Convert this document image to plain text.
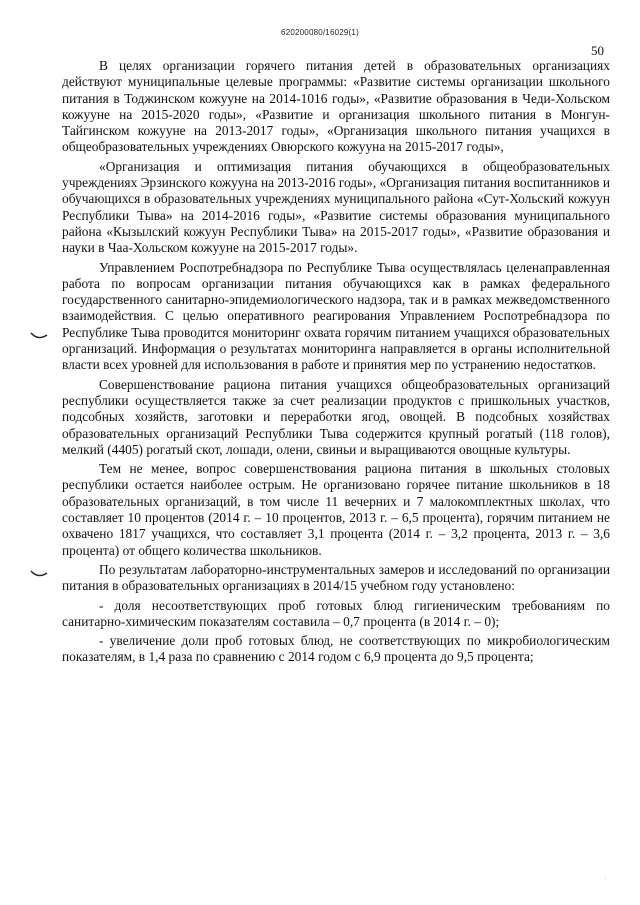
620200080/16029(1)
50

В целях организации горячего питания детей в образовательных организациях действуют муниципальные целевые программы: «Развитие системы организации школьного питания в Тоджинском кожууне на 2014-1016 годы», «Развитие образования в Чеди-Хольском кожууне на 2015-2020 годы», «Развитие и организация школьного питания в Монгун-Тайгинском кожууне на 2013-2017 годы», «Организация школьного питания учащихся в общеобразовательных учреждениях Овюрского кожууна на 2015-2017 годы»,

«Организация и оптимизация питания обучающихся в общеобразовательных учреждениях Эрзинского кожууна на 2013-2016 годы», «Организация питания воспитанников и обучающихся в образовательных учреждениях муниципального района «Сут-Хольский кожуун Республики Тыва» на 2014-2016 годы», «Развитие системы образования муниципального района «Кызылский кожуун Республики Тыва» на 2015-2017 годы», «Развитие образования и науки в Чаа-Хольском кожууне на 2015-2017 годы».

Управлением Роспотребнадзора по Республике Тыва осуществлялась целенаправленная работа по вопросам организации питания обучающихся как в рамках федерального государственного санитарно-эпидемиологического надзора, так и в рамках межведомственного взаимодействия. С целью оперативного реагирования Управлением Роспотребнадзора по Республике Тыва проводится мониторинг охвата горячим питанием учащихся образовательных организаций. Информация о результатах мониторинга направляется в органы исполнительной власти всех уровней для использования в работе и принятия мер по устранению недостатков.

Совершенствование рациона питания учащихся общеобразовательных организаций республики осуществляется также за счет реализации продуктов с пришкольных участков, подсобных хозяйств, заготовки и переработки ягод, овощей. В подсобных хозяйствах образовательных организаций Республики Тыва содержится крупный рогатый (118 голов), мелкий (4405) рогатый скот, лошади, олени, свиньи и выращиваются овощные культуры.

Тем не менее, вопрос совершенствования рациона питания в школьных столовых республики остается наиболее острым. Не организовано горячее питание школьников в 18 образовательных организаций, в том числе 11 вечерних и 7 малокомплектных школах, что составляет 10 процентов (2014 г. – 10 процентов, 2013 г. – 6,5 процента), горячим питанием не охвачено 1817 учащихся, что составляет 3,1 процента (2014 г. – 3,2 процента, 2013 г. – 3,6 процента) от общего количества школьников.

По результатам лабораторно-инструментальных замеров и исследований по организации питания в образовательных организациях в 2014/15 учебном году установлено:

- доля несоответствующих проб готовых блюд гигиеническим требованиям по санитарно-химическим показателям составила – 0,7 процента (в 2014 г. – 0);

- увеличение доли проб готовых блюд, не соответствующих по микробиологическим показателям, в 1,4 раза по сравнению с 2014 годом с 6,9 процента до 9,5 процента;

·
